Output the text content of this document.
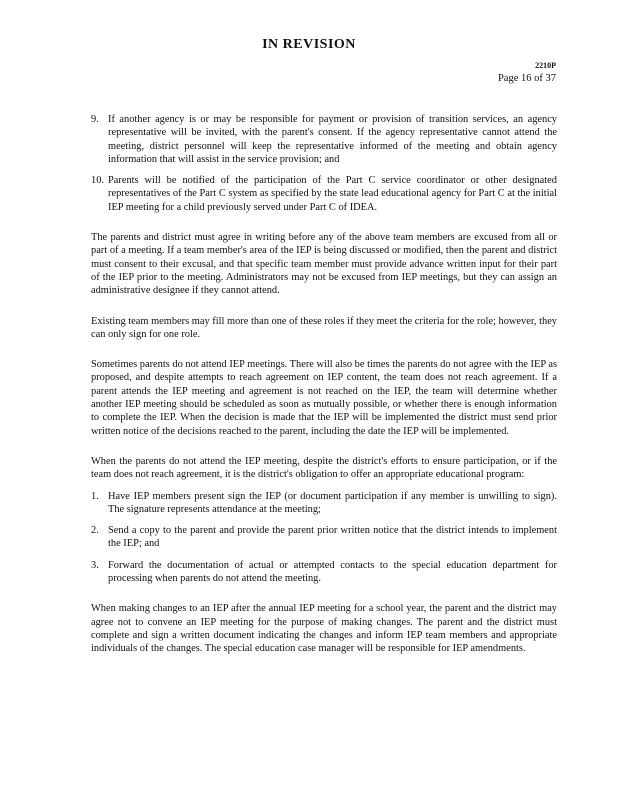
IN REVISION
2210P
Page 16 of 37
9. If another agency is or may be responsible for payment or provision of transition services, an agency representative will be invited, with the parent's consent. If the agency representative cannot attend the meeting, district personnel will keep the representative informed of the meeting and obtain agency information that will assist in the service provision; and
10. Parents will be notified of the participation of the Part C service coordinator or other designated representatives of the Part C system as specified by the state lead educational agency for Part C at the initial IEP meeting for a child previously served under Part C of IDEA.

The parents and district must agree in writing before any of the above team members are excused from all or part of a meeting. If a team member's area of the IEP is being discussed or modified, then the parent and district must consent to their excusal, and that specific team member must provide advance written input for their part of the IEP prior to the meeting. Administrators may not be excused from IEP meetings, but they can assign an administrative designee if they cannot attend.

Existing team members may fill more than one of these roles if they meet the criteria for the role; however, they can only sign for one role.

Sometimes parents do not attend IEP meetings. There will also be times the parents do not agree with the IEP as proposed, and despite attempts to reach agreement on IEP content, the team does not reach agreement. If a parent attends the IEP meeting and agreement is not reached on the IEP, the team will determine whether another IEP meeting should be scheduled as soon as mutually possible, or whether there is enough information to complete the IEP. When the decision is made that the IEP will be implemented the district must send prior written notice of the decisions reached to the parent, including the date the IEP will be implemented.

When the parents do not attend the IEP meeting, despite the district's efforts to ensure participation, or if the team does not reach agreement, it is the district's obligation to offer an appropriate educational program:

1. Have IEP members present sign the IEP (or document participation if any member is unwilling to sign). The signature represents attendance at the meeting;
2. Send a copy to the parent and provide the parent prior written notice that the district intends to implement the IEP; and
3. Forward the documentation of actual or attempted contacts to the special education department for processing when parents do not attend the meeting.

When making changes to an IEP after the annual IEP meeting for a school year, the parent and the district may agree not to convene an IEP meeting for the purpose of making changes. The parent and the district must complete and sign a written document indicating the changes and inform IEP team members and appropriate individuals of the changes. The special education case manager will be responsible for IEP amendments.
